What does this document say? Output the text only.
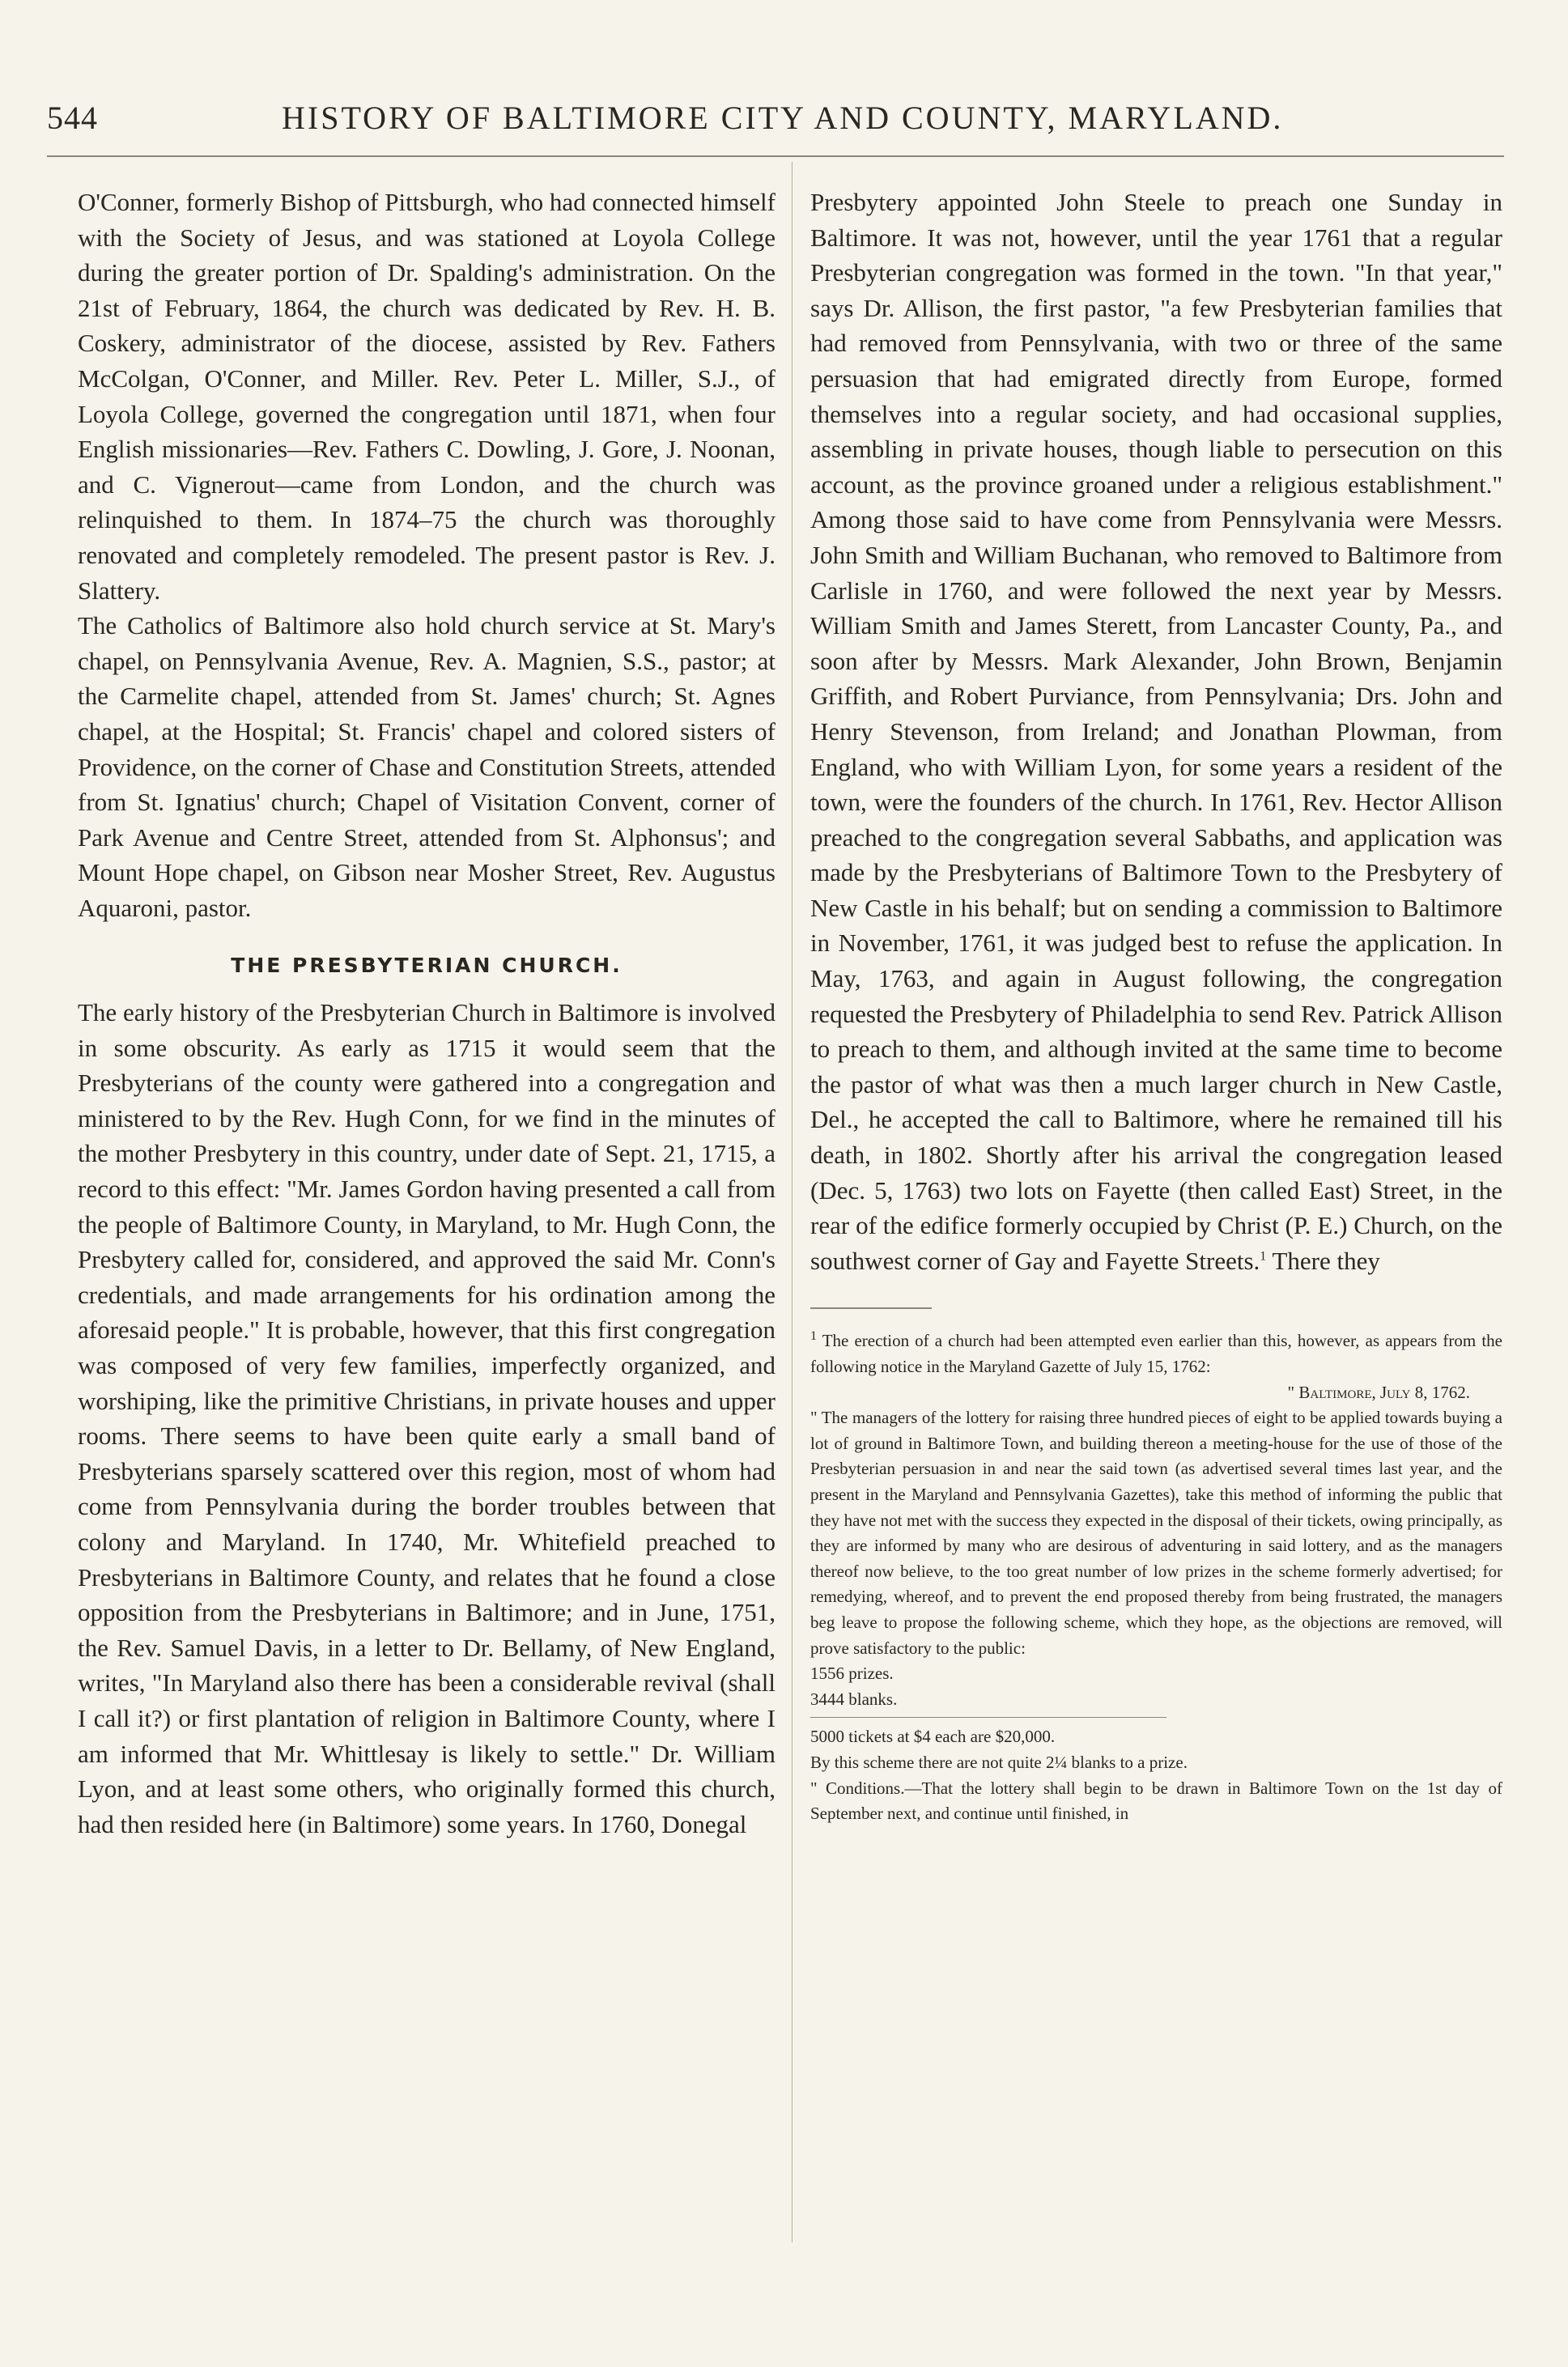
544	HISTORY OF BALTIMORE CITY AND COUNTY, MARYLAND.

O'Conner, formerly Bishop of Pittsburgh, who had connected himself with the Society of Jesus, and was stationed at Loyola College during the greater portion of Dr. Spalding's administration. On the 21st of February, 1864, the church was dedicated by Rev. H. B. Coskery, administrator of the diocese, assisted by Rev. Fathers McColgan, O'Conner, and Miller. Rev. Peter L. Miller, S.J., of Loyola College, governed the congregation until 1871, when four English missionaries—Rev. Fathers C. Dowling, J. Gore, J. Noonan, and C. Vignerout—came from London, and the church was relinquished to them. In 1874–75 the church was thoroughly renovated and completely remodeled. The present pastor is Rev. J. Slattery.

The Catholics of Baltimore also hold church service at St. Mary's chapel, on Pennsylvania Avenue, Rev. A. Magnien, S.S., pastor; at the Carmelite chapel, attended from St. James' church; St. Agnes chapel, at the Hospital; St. Francis' chapel and colored sisters of Providence, on the corner of Chase and Constitution Streets, attended from St. Ignatius' church; Chapel of Visitation Convent, corner of Park Avenue and Centre Street, attended from St. Alphonsus'; and Mount Hope chapel, on Gibson near Mosher Street, Rev. Augustus Aquaroni, pastor.

THE PRESBYTERIAN CHURCH.

The early history of the Presbyterian Church in Baltimore is involved in some obscurity. As early as 1715 it would seem that the Presbyterians of the county were gathered into a congregation and ministered to by the Rev. Hugh Conn, for we find in the minutes of the mother Presbytery in this country, under date of Sept. 21, 1715, a record to this effect: "Mr. James Gordon having presented a call from the people of Baltimore County, in Maryland, to Mr. Hugh Conn, the Presbytery called for, considered, and approved the said Mr. Conn's credentials, and made arrangements for his ordination among the aforesaid people." It is probable, however, that this first congregation was composed of very few families, imperfectly organized, and worshiping, like the primitive Christians, in private houses and upper rooms. There seems to have been quite early a small band of Presbyterians sparsely scattered over this region, most of whom had come from Pennsylvania during the border troubles between that colony and Maryland. In 1740, Mr. Whitefield preached to Presbyterians in Baltimore County, and relates that he found a close opposition from the Presbyterians in Baltimore; and in June, 1751, the Rev. Samuel Davis, in a letter to Dr. Bellamy, of New England, writes, "In Maryland also there has been a considerable revival (shall I call it?) or first plantation of religion in Baltimore County, where I am informed that Mr. Whittlesay is likely to settle." Dr. William Lyon, and at least some others, who originally formed this church, had then resided here (in Baltimore) some years. In 1760, Donegal

Presbytery appointed John Steele to preach one Sunday in Baltimore. It was not, however, until the year 1761 that a regular Presbyterian congregation was formed in the town. "In that year," says Dr. Allison, the first pastor, "a few Presbyterian families that had removed from Pennsylvania, with two or three of the same persuasion that had emigrated directly from Europe, formed themselves into a regular society, and had occasional supplies, assembling in private houses, though liable to persecution on this account, as the province groaned under a religious establishment." Among those said to have come from Pennsylvania were Messrs. John Smith and William Buchanan, who removed to Baltimore from Carlisle in 1760, and were followed the next year by Messrs. William Smith and James Sterett, from Lancaster County, Pa., and soon after by Messrs. Mark Alexander, John Brown, Benjamin Griffith, and Robert Purviance, from Pennsylvania; Drs. John and Henry Stevenson, from Ireland; and Jonathan Plowman, from England, who with William Lyon, for some years a resident of the town, were the founders of the church. In 1761, Rev. Hector Allison preached to the congregation several Sabbaths, and application was made by the Presbyterians of Baltimore Town to the Presbytery of New Castle in his behalf; but on sending a commission to Baltimore in November, 1761, it was judged best to refuse the application. In May, 1763, and again in August following, the congregation requested the Presbytery of Philadelphia to send Rev. Patrick Allison to preach to them, and although invited at the same time to become the pastor of what was then a much larger church in New Castle, Del., he accepted the call to Baltimore, where he remained till his death, in 1802. Shortly after his arrival the congregation leased (Dec. 5, 1763) two lots on Fayette (then called East) Street, in the rear of the edifice formerly occupied by Christ (P. E.) Church, on the southwest corner of Gay and Fayette Streets.$^1$ There they

$^1$ The erection of a church had been attempted even earlier than this, however, as appears from the following notice in the Maryland Gazette of July 15, 1762:

" Baltimore, July 8, 1762.

" The managers of the lottery for raising three hundred pieces of eight to be applied towards buying a lot of ground in Baltimore Town, and building thereon a meeting-house for the use of those of the Presbyterian persuasion in and near the said town (as advertised several times last year, and the present in the Maryland and Pennsylvania Gazettes), take this method of informing the public that they have not met with the success they expected in the disposal of their tickets, owing principally, as they are informed by many who are desirous of adventuring in said lottery, and as the managers thereof now believe, to the too great number of low prizes in the scheme formerly advertised; for remedying, whereof, and to prevent the end proposed thereby from being frustrated, the managers beg leave to propose the following scheme, which they hope, as the objections are removed, will prove satisfactory to the public:

1556 prizes.

3444 blanks.

5000 tickets at $4 each are $20,000.

By this scheme there are not quite 2¼ blanks to a prize.

" Conditions.—That the lottery shall begin to be drawn in Baltimore Town on the 1st day of September next, and continue until finished, in
